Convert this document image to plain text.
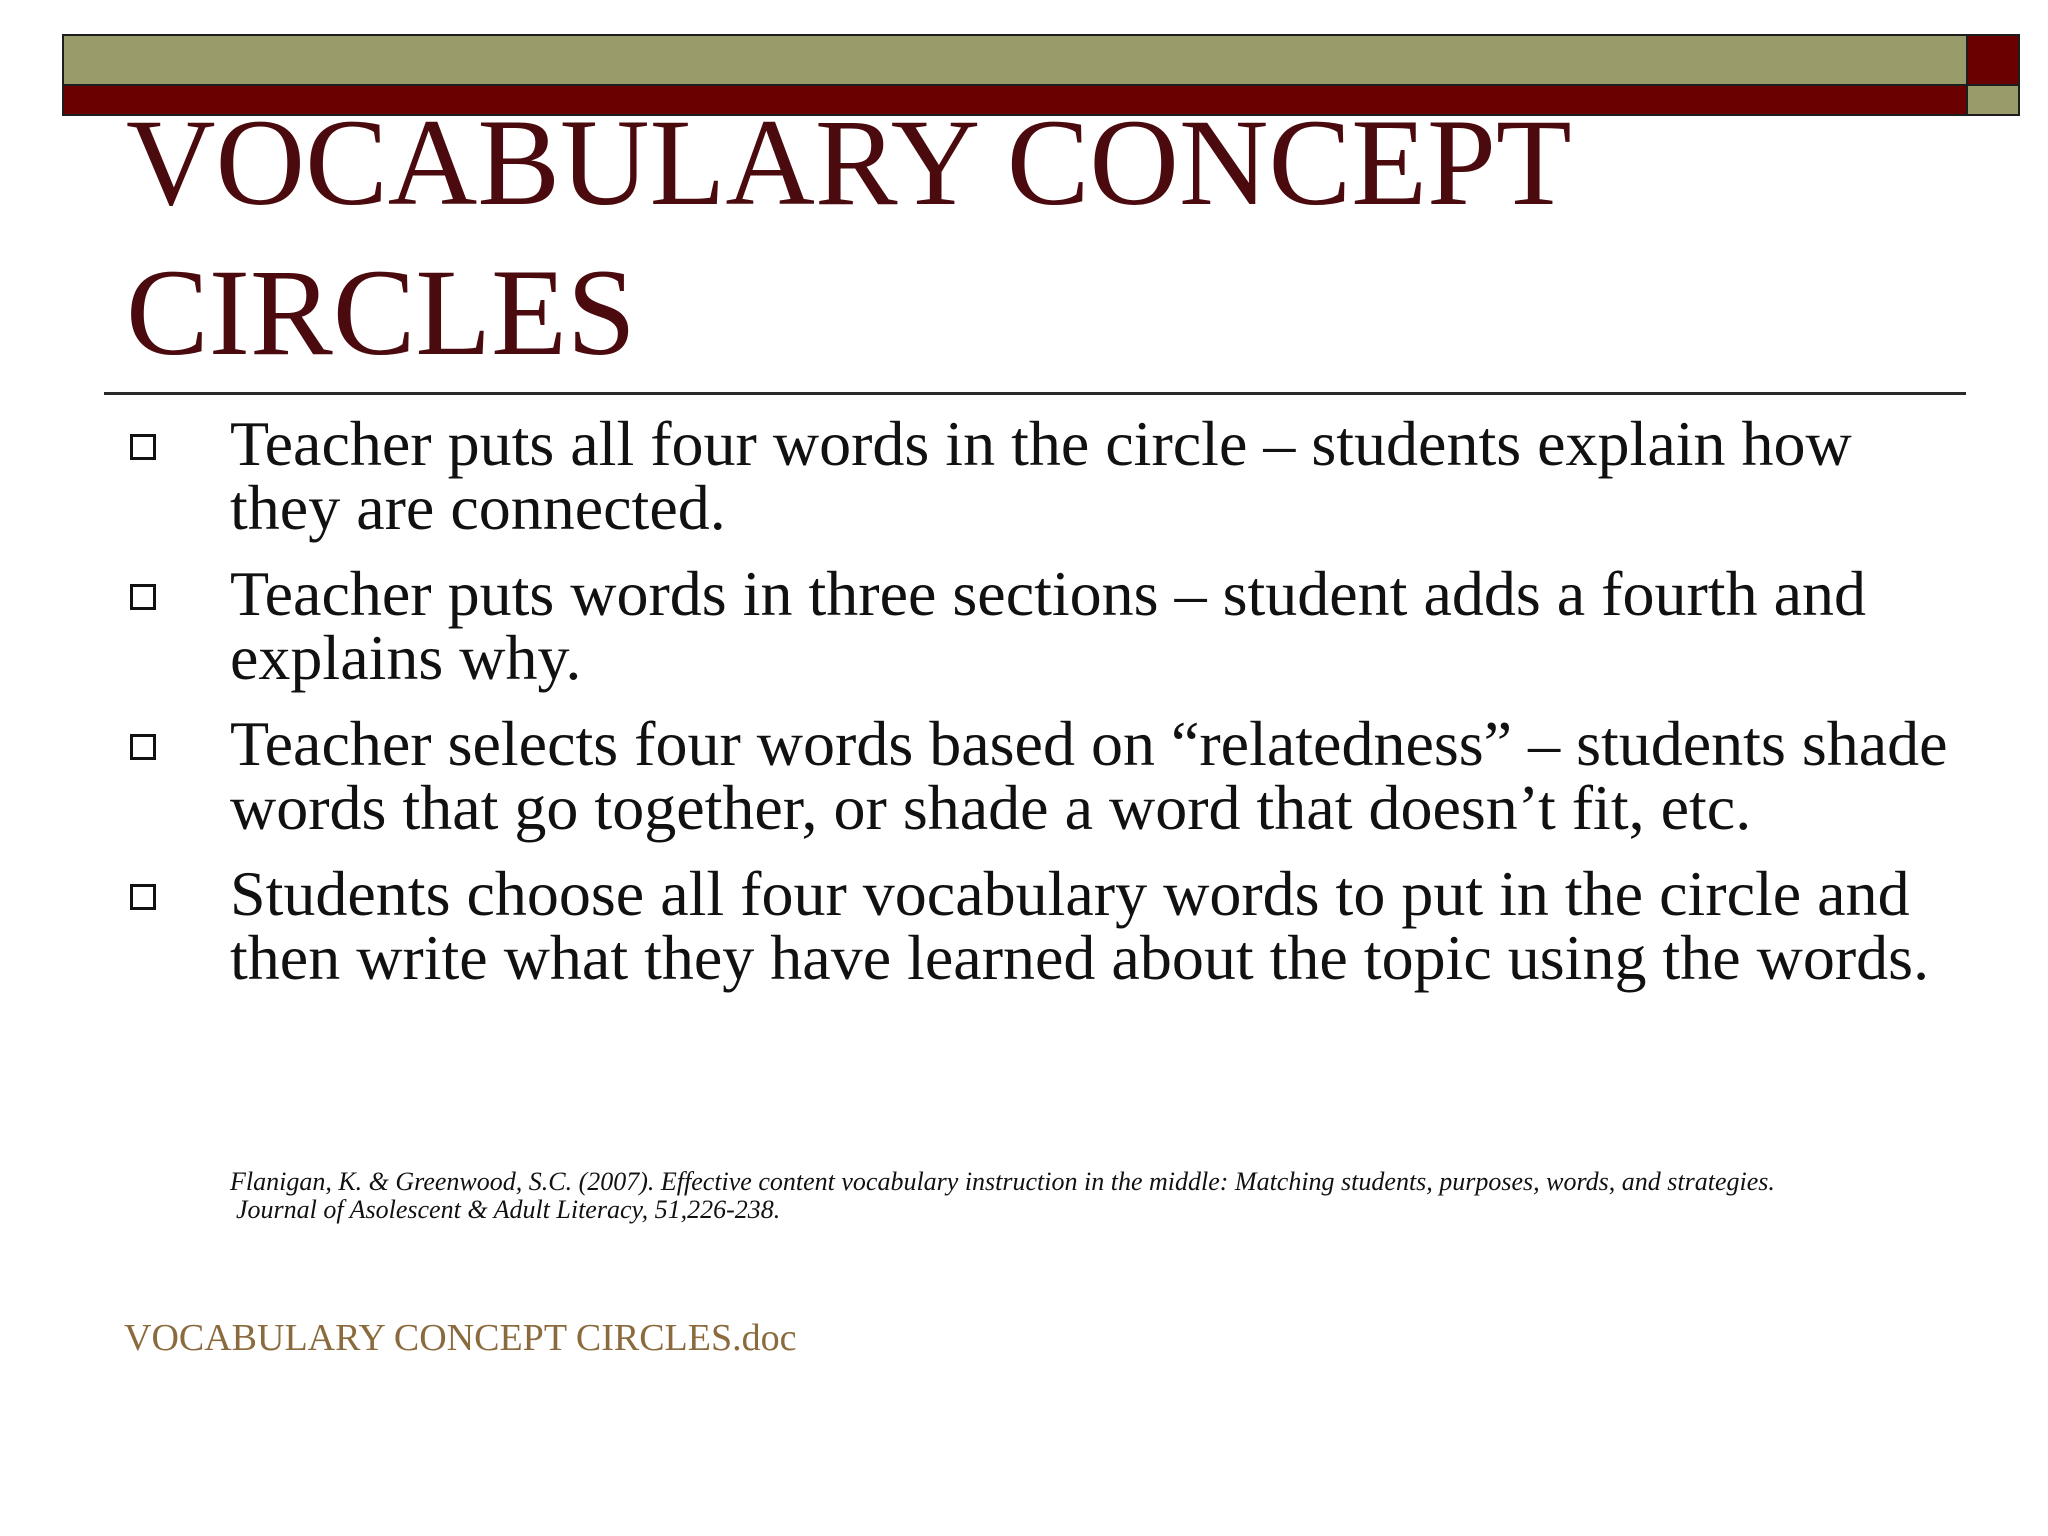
VOCABULARY CONCEPT CIRCLES
Teacher puts all four words in the circle – students explain how they are connected.
Teacher puts words in three sections – student adds a fourth and explains why.
Teacher selects four words based on “relatedness” – students shade words that go together, or shade a word that doesn’t fit, etc.
Students choose all four vocabulary words to put in the circle and then write what they have learned about the topic using the words.
Flanigan, K. & Greenwood, S.C. (2007). Effective content vocabulary instruction in the middle: Matching students, purposes, words, and strategies.
Journal of Asolescent & Adult Literacy, 51,226-238.
VOCABULARY CONCEPT CIRCLES.doc
